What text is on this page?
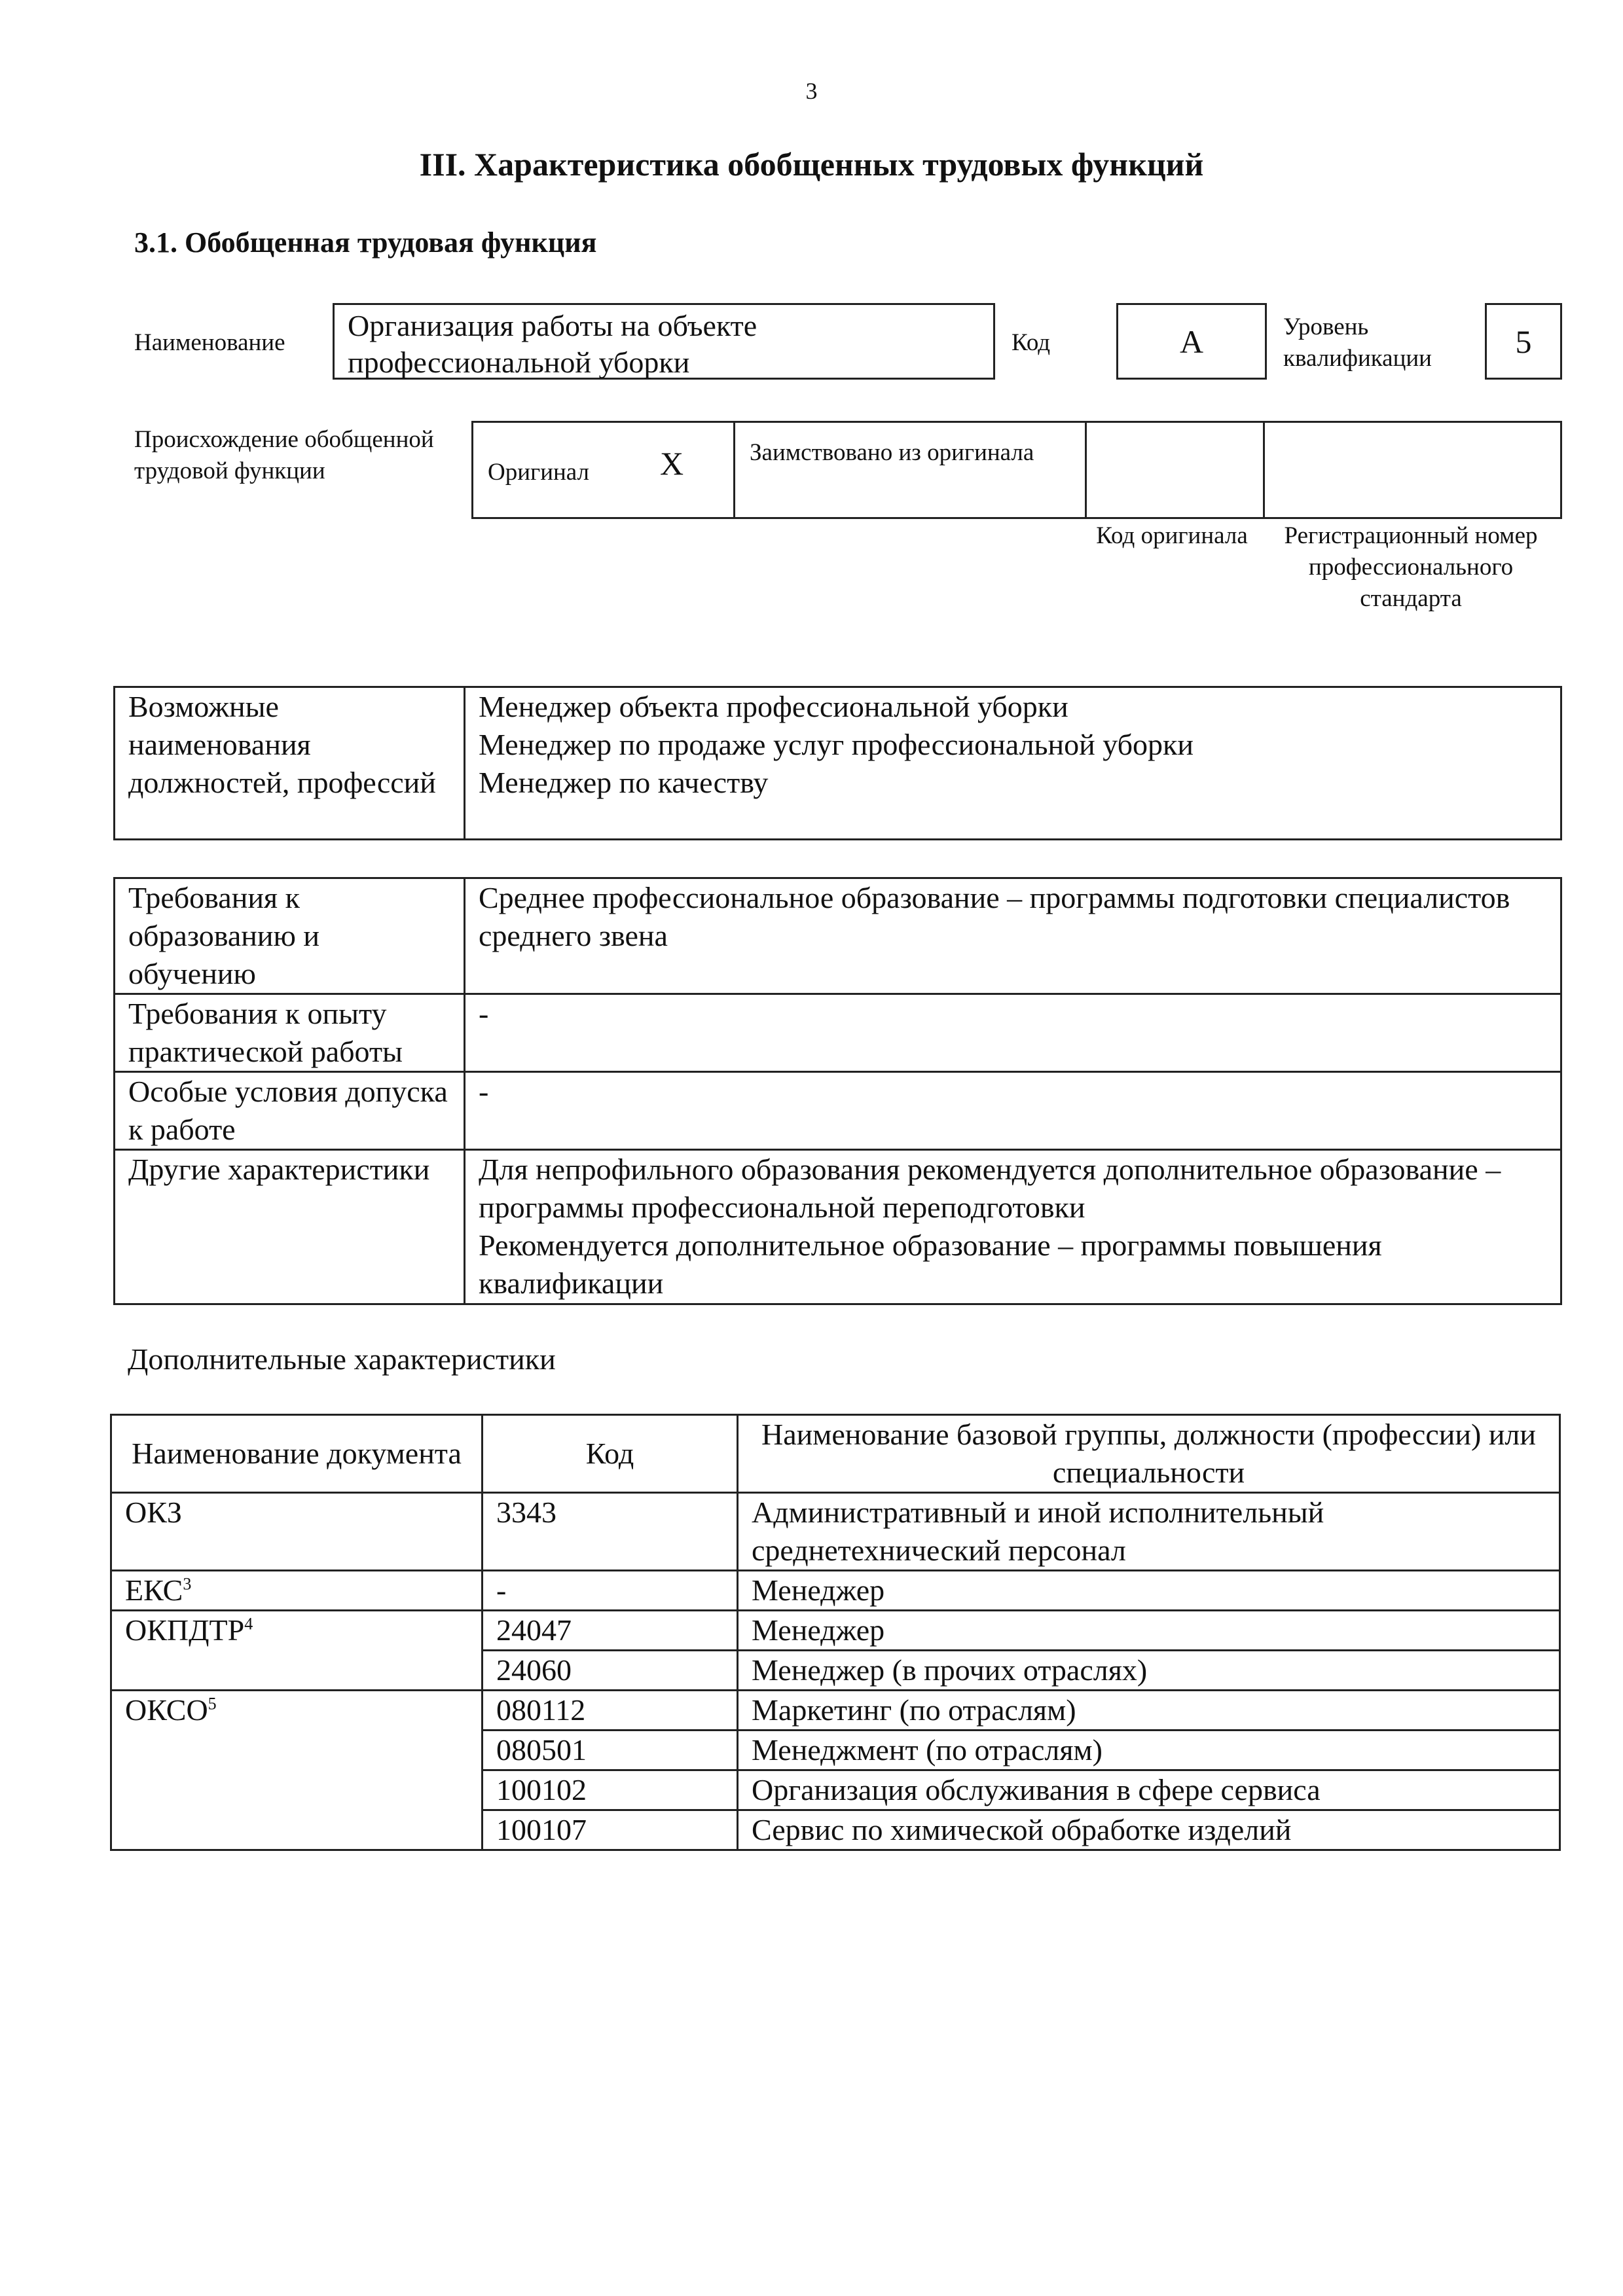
3
III. Характеристика обобщенных трудовых функций
3.1. Обобщенная трудовая функция
Наименование
Организация работы на объекте профессиональной уборки
Код	А	Уровень квалификации	5
Происхождение обобщенной трудовой функции	Оригинал Х	Заимствовано из оригинала
Код оригинала	Регистрационный номер профессионального стандарта
Возможные наименования должностей, профессий	Менеджер объекта профессиональной уборки
Менеджер по продаже услуг профессиональной уборки
Менеджер по качеству
Требования к образованию и обучению	Среднее профессиональное образование – программы подготовки специалистов среднего звена
Требования к опыту практической работы	-
Особые условия допуска к работе	-
Другие характеристики	Для непрофильного образования рекомендуется дополнительное образование – программы профессиональной переподготовки
Рекомендуется дополнительное образование – программы повышения квалификации
Дополнительные характеристики
Наименование документа	Код	Наименование базовой группы, должности (профессии) или специальности
ОКЗ	3343	Административный и иной исполнительный среднетехнический персонал
ЕКС$^3$	-	Менеджер
ОКПДТР$^4$	24047	Менеджер
	24060	Менеджер (в прочих отраслях)
ОКСО$^5$	080112	Маркетинг (по отраслям)
	080501	Менеджмент (по отраслям)
	100102	Организация обслуживания в сфере сервиса
	100107	Сервис по химической обработке изделий
